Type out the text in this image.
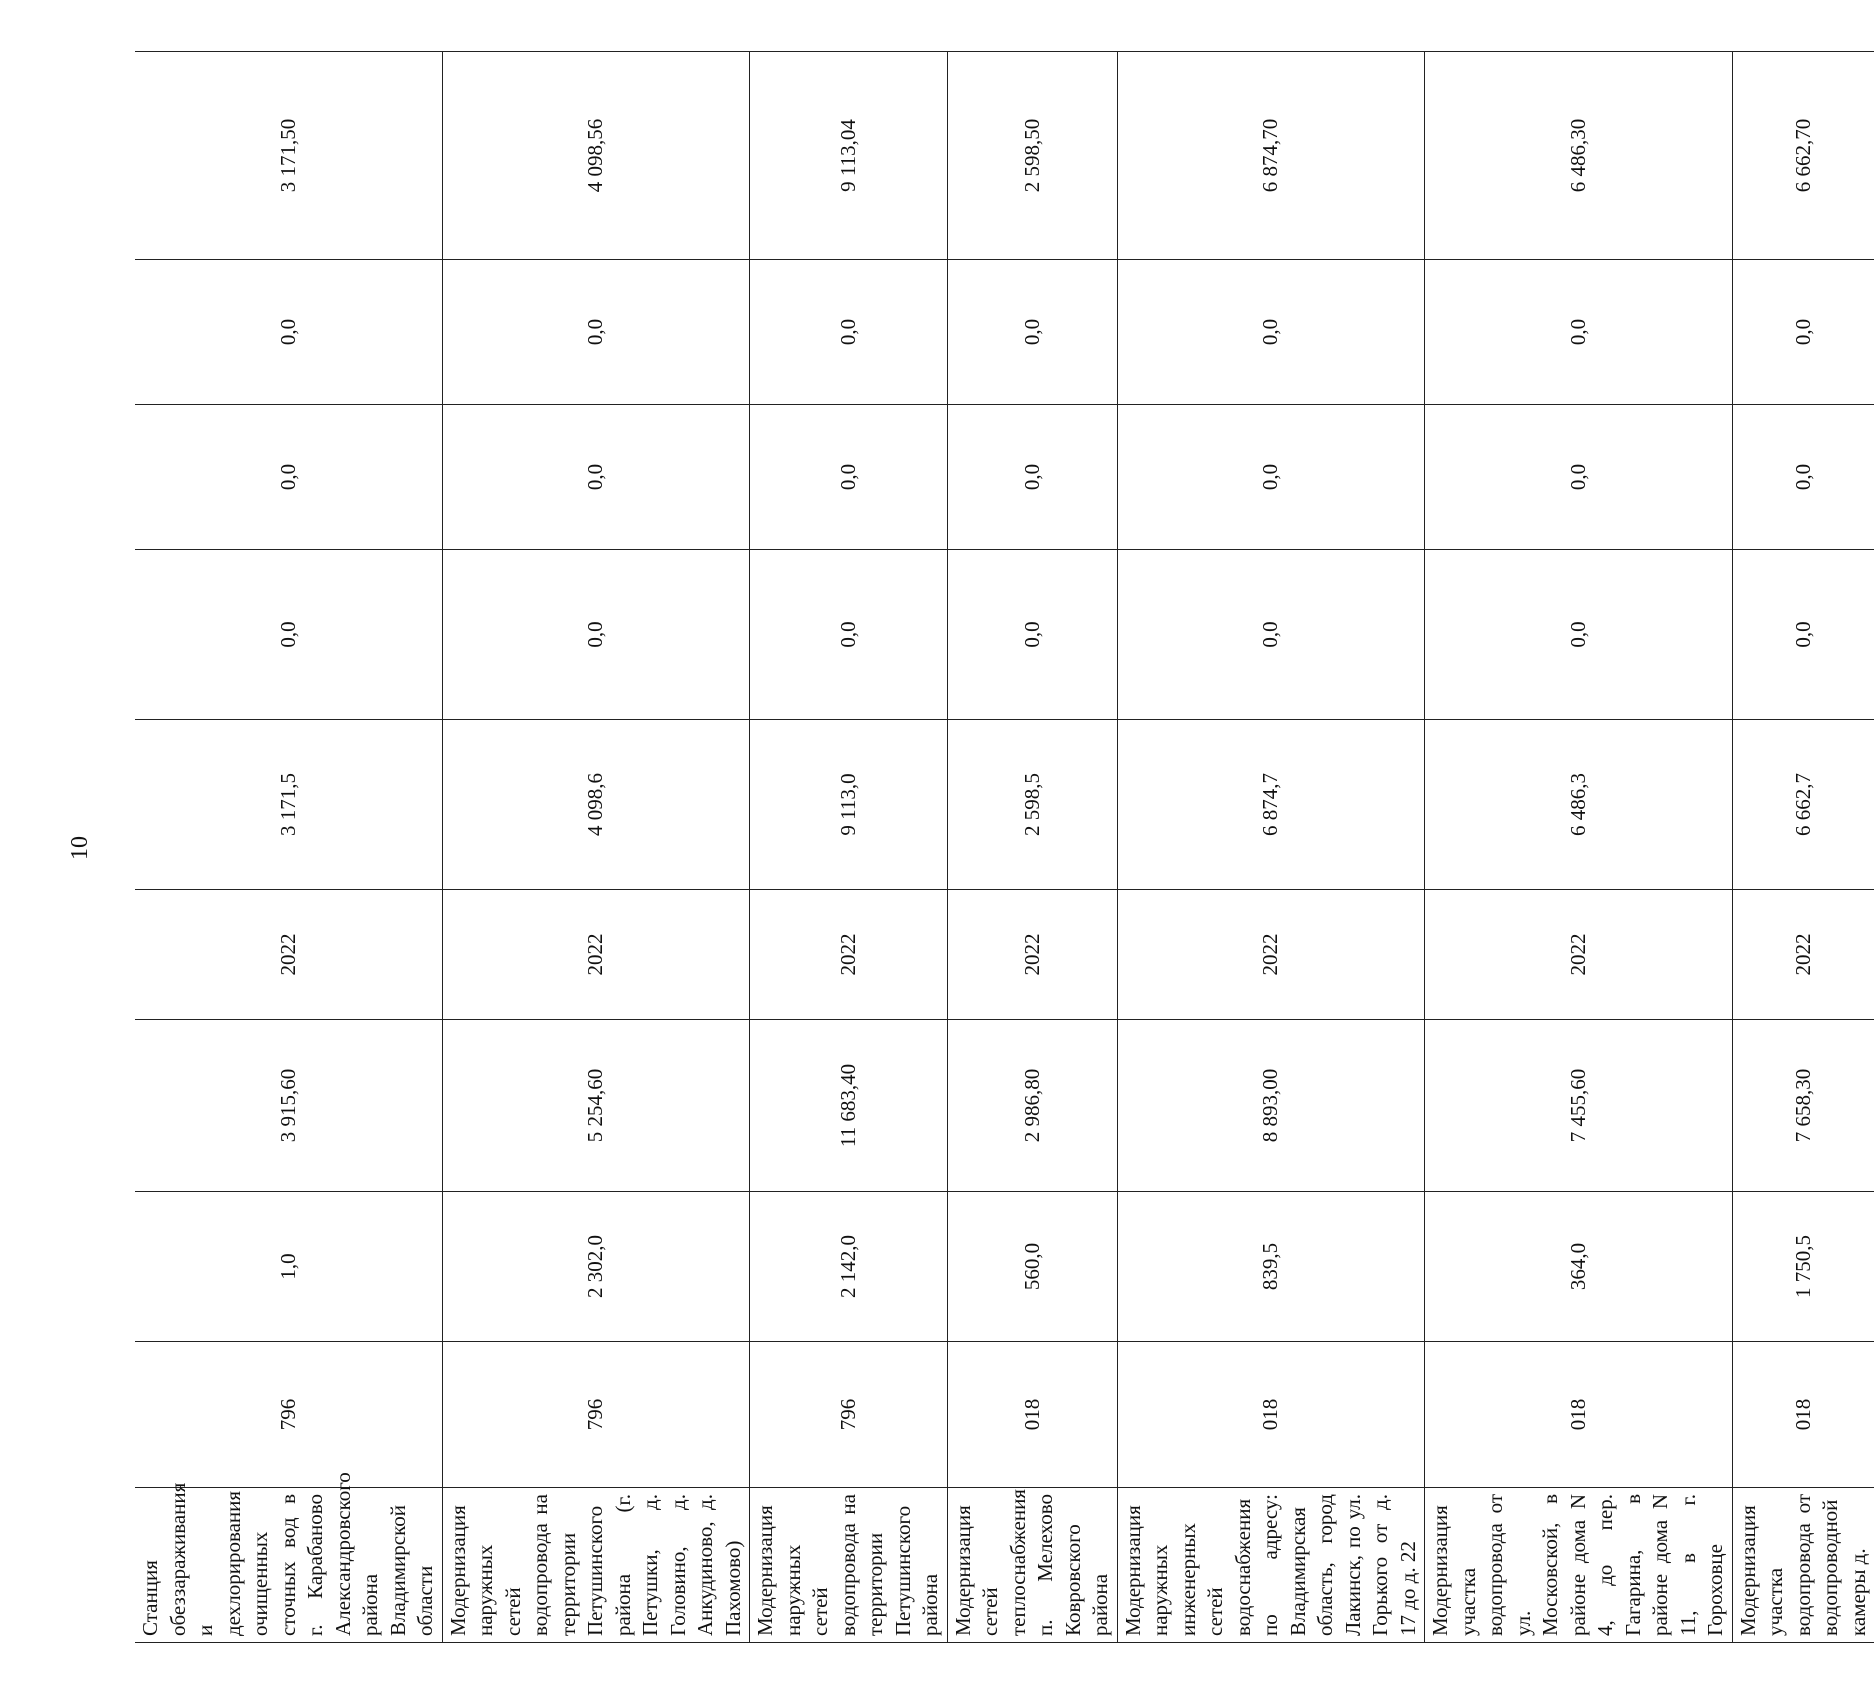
10
Станция обеззараживания и дехлорирования очищенных сточных вод в г. Карабаново Александровского района Владимирской области	796	1,0	3 915,60	2022	3 171,5	0,0	0,0	0,0	3 171,50
Модернизация наружных сетей водопровода на территории Петушинского района (г. Петушки, д. Головино, д. Анкудиново, д. Пахомово)	796	2 302,0	5 254,60	2022	4 098,6	0,0	0,0	0,0	4 098,56
Модернизация наружных сетей водопровода на территории Петушинского района	796	2 142,0	11 683,40	2022	9 113,0	0,0	0,0	0,0	9 113,04
Модернизация сетей теплоснабжения п. Мелехово Ковровского района	018	560,0	2 986,80	2022	2 598,5	0,0	0,0	0,0	2 598,50
Модернизация наружных инженерных сетей водоснабжения по адресу: Владимирская область, город Лакинск, по ул. Горького от д. 17 до д. 22	018	839,5	8 893,00	2022	6 874,7	0,0	0,0	0,0	6 874,70
Модернизация участка водопровода от ул. Московской, в районе дома N 4, до пер. Гагарина, в районе дома N 11, в г. Гороховце	018	364,0	7 455,60	2022	6 486,3	0,0	0,0	0,0	6 486,30
Модернизация участка водопровода от водопроводной камеры д.	018	1 750,5	7 658,30	2022	6 662,7	0,0	0,0	0,0	6 662,70
